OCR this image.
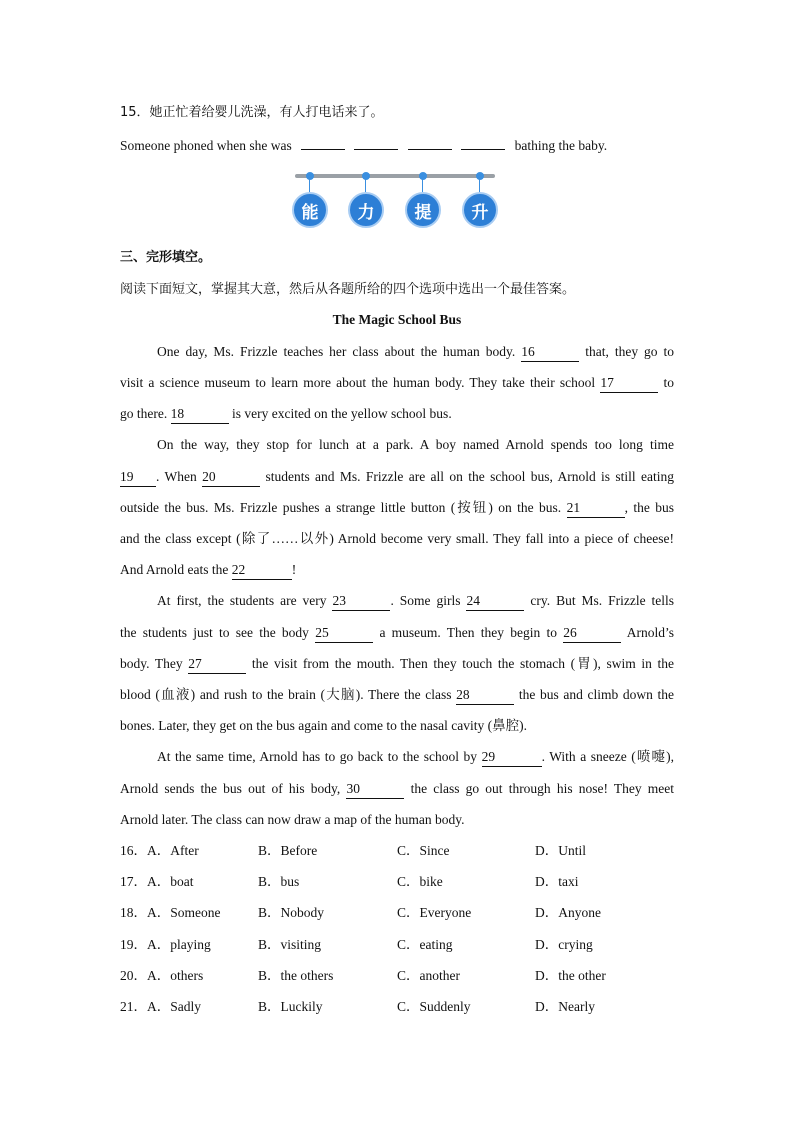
15．她正忙着给婴儿洗澡，有人打电话来了。
Someone phoned when she was	bathing the baby.
能	力	提	升
三、完形填空。
阅读下面短文，掌握其大意，然后从各题所给的四个选项中选出一个最佳答案。
The Magic School Bus
One day, Ms. Frizzle teaches her class about the human body. 16	that, they go to
visit a science museum to learn more about the human body. They take their school 17	to
go there. 18	is very excited on the yellow school bus.
On the way, they stop for lunch at a park. A boy named Arnold spends too long time
19 . When 20	students and Ms. Frizzle are all on the school bus, Arnold is still eating
outside the bus. Ms. Frizzle pushes a strange little button (按钮) on the bus. 21	, the bus
and the class except (除了……以外) Arnold become very small. They fall into a piece of cheese!
And Arnold eats the 22	!
At first, the students are very 23	. Some girls 24	cry. But Ms. Frizzle tells
the students just to see the body 25	a museum. Then they begin to 26	Arnold’s
body. They 27	the visit from the mouth. Then they touch the stomach (胃), swim in the
blood (血液) and rush to the brain (大脑). There the class 28	the bus and climb down the
bones. Later, they get on the bus again and come to the nasal cavity (鼻腔).
At the same time, Arnold has to go back to the school by 29	. With a sneeze (喷嚏),
Arnold sends the bus out of his body, 30	the class go out through his nose! They meet
Arnold later. The class can now draw a map of the human body.
16．A．After	B．Before	C．Since	D．Until
17．A．boat	B．bus	C．bike	D．taxi
18．A．Someone	B．Nobody	C．Everyone	D．Anyone
19．A．playing	B．visiting	C．eating	D．crying
20．A．others	B．the others	C．another	D．the other
21．A．Sadly	B．Luckily	C．Suddenly	D．Nearly
